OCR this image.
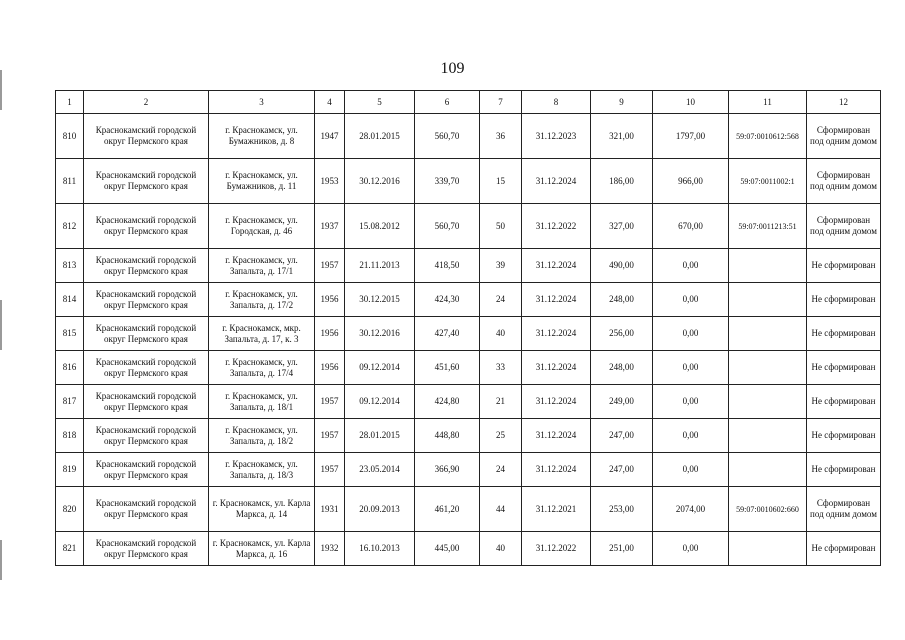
109
1	2	3	4	5	6	7	8	9	10	11	12
810	Краснокамский городской округ Пермского края	г. Краснокамск, ул. Бумажников, д. 8	1947	28.01.2015	560,70	36	31.12.2023	321,00	1797,00	59:07:0010612:568	Сформирован под одним домом
811	Краснокамский городской округ Пермского края	г. Краснокамск, ул. Бумажников, д. 11	1953	30.12.2016	339,70	15	31.12.2024	186,00	966,00	59:07:0011002:1	Сформирован под одним домом
812	Краснокамский городской округ Пермского края	г. Краснокамск, ул. Городская, д. 46	1937	15.08.2012	560,70	50	31.12.2022	327,00	670,00	59:07:0011213:51	Сформирован под одним домом
813	Краснокамский городской округ Пермского края	г. Краснокамск, ул. Запальта, д. 17/1	1957	21.11.2013	418,50	39	31.12.2024	490,00	0,00		Не сформирован
814	Краснокамский городской округ Пермского края	г. Краснокамск, ул. Запальта, д. 17/2	1956	30.12.2015	424,30	24	31.12.2024	248,00	0,00		Не сформирован
815	Краснокамский городской округ Пермского края	г. Краснокамск, мкр. Запальта, д. 17, к. 3	1956	30.12.2016	427,40	40	31.12.2024	256,00	0,00		Не сформирован
816	Краснокамский городской округ Пермского края	г. Краснокамск, ул. Запальта, д. 17/4	1956	09.12.2014	451,60	33	31.12.2024	248,00	0,00		Не сформирован
817	Краснокамский городской округ Пермского края	г. Краснокамск, ул. Запальта, д. 18/1	1957	09.12.2014	424,80	21	31.12.2024	249,00	0,00		Не сформирован
818	Краснокамский городской округ Пермского края	г. Краснокамск, ул. Запальта, д. 18/2	1957	28.01.2015	448,80	25	31.12.2024	247,00	0,00		Не сформирован
819	Краснокамский городской округ Пермского края	г. Краснокамск, ул. Запальта, д. 18/3	1957	23.05.2014	366,90	24	31.12.2024	247,00	0,00		Не сформирован
820	Краснокамский городской округ Пермского края	г. Краснокамск, ул. Карла Маркса, д. 14	1931	20.09.2013	461,20	44	31.12.2021	253,00	2074,00	59:07:0010602:660	Сформирован под одним домом
821	Краснокамский городской округ Пермского края	г. Краснокамск, ул. Карла Маркса, д. 16	1932	16.10.2013	445,00	40	31.12.2022	251,00	0,00		Не сформирован
